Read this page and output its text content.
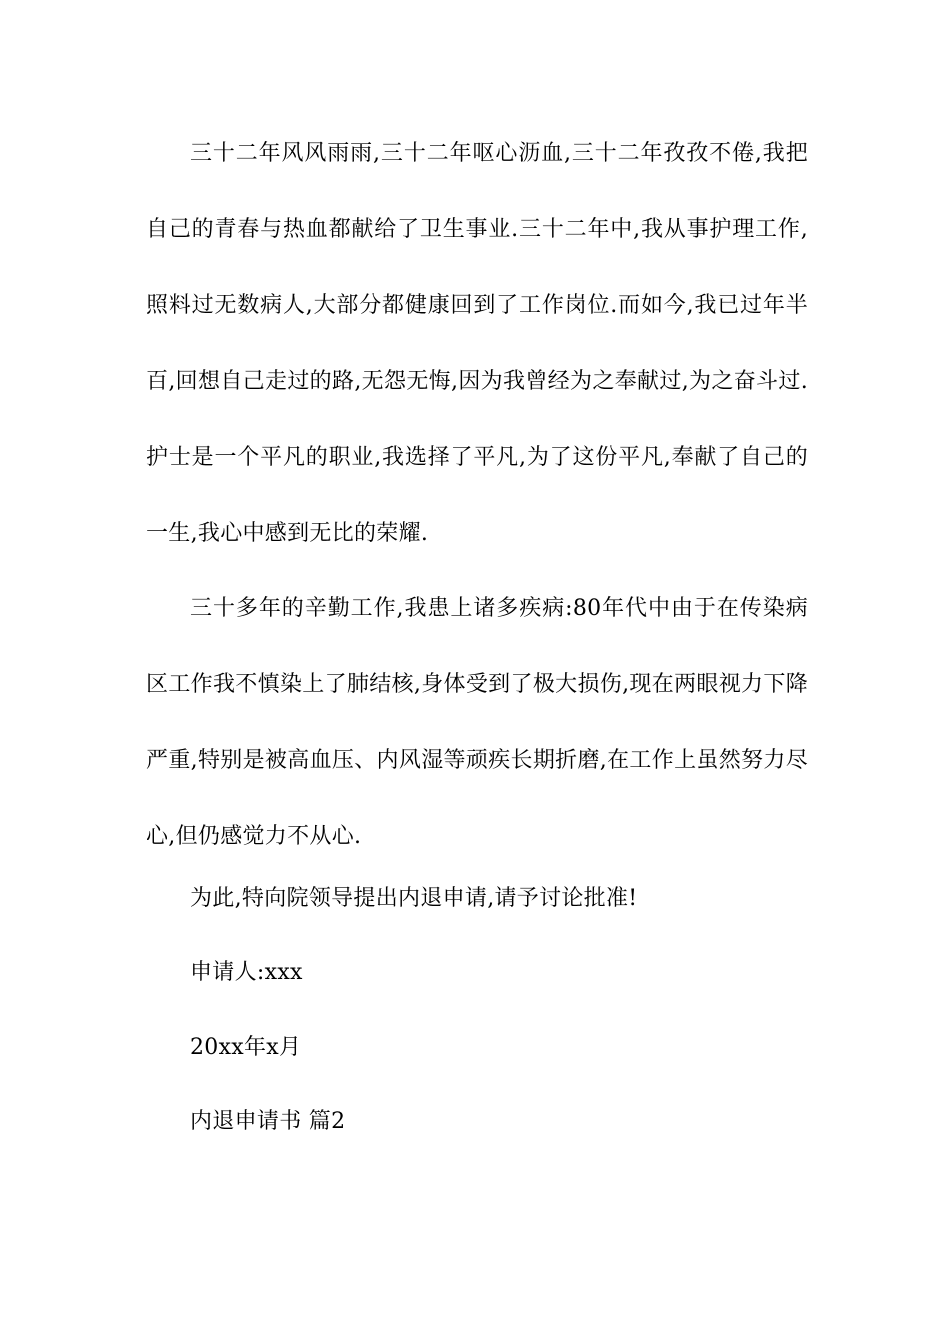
三十二年风风雨雨,三十二年呕心沥血,三十二年孜孜不倦,我把自己的青春与热血都献给了卫生事业.三十二年中,我从事护理工作,照料过无数病人,大部分都健康回到了工作岗位.而如今,我已过年半百,回想自己走过的路,无怨无悔,因为我曾经为之奉献过,为之奋斗过.护士是一个平凡的职业,我选择了平凡,为了这份平凡,奉献了自己的一生,我心中感到无比的荣耀.

三十多年的辛勤工作,我患上诸多疾病:80年代中由于在传染病区工作我不慎染上了肺结核,身体受到了极大损伤,现在两眼视力下降严重,特别是被高血压、内风湿等顽疾长期折磨,在工作上虽然努力尽心,但仍感觉力不从心.

为此,特向院领导提出内退申请,请予讨论批准!

申请人:xxx

20xx年x月

内退申请书 篇2
